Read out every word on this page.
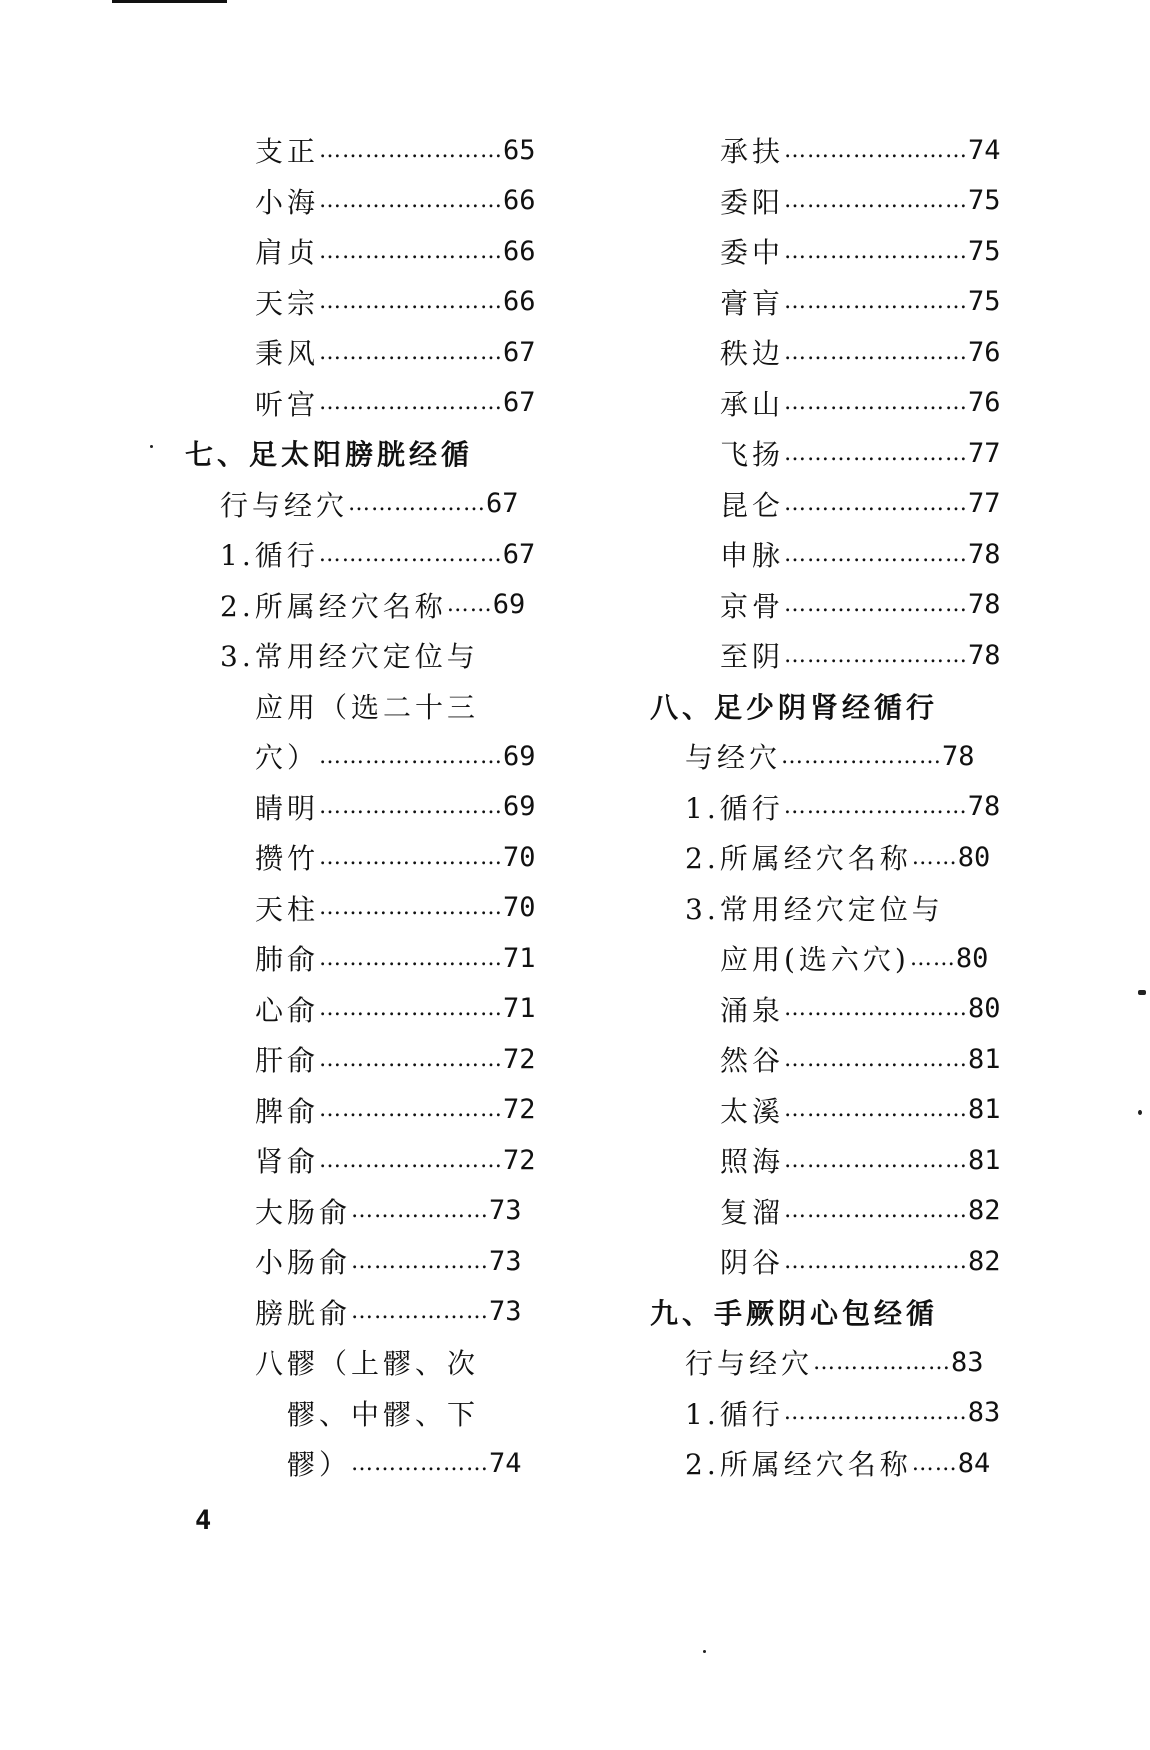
支正 …………………… 65
小海 …………………… 66
肩贞 …………………… 66
天宗 …………………… 66
秉风 …………………… 67
听宫 …………………… 67
七、足太阳膀胱经循
行与经穴 ……………… 67
1.循行 …………………… 67
2.所属经穴名称 …… 69
3.常用经穴定位与
应用（选二十三
穴） …………………… 69
睛明 …………………… 69
攒竹 …………………… 70
天柱 …………………… 70
肺俞 …………………… 71
心俞 …………………… 71
肝俞 …………………… 72
脾俞 …………………… 72
肾俞 …………………… 72
大肠俞 ……………… 73
小肠俞 ……………… 73
膀胱俞 ……………… 73
八髎（上髎、次
髎、中髎、下
髎） ……………… 74
承扶 …………………… 74
委阳 …………………… 75
委中 …………………… 75
膏肓 …………………… 75
秩边 …………………… 76
承山 …………………… 76
飞扬 …………………… 77
昆仑 …………………… 77
申脉 …………………… 78
京骨 …………………… 78
至阴 …………………… 78
八、足少阴肾经循行
与经穴 ………………… 78
1.循行 …………………… 78
2.所属经穴名称 …… 80
3.常用经穴定位与
应用(选六穴) …… 80
涌泉 …………………… 80
然谷 …………………… 81
太溪 …………………… 81
照海 …………………… 81
复溜 …………………… 82
阴谷 …………………… 82
九、手厥阴心包经循
行与经穴 ……………… 83
1.循行 …………………… 83
2.所属经穴名称 …… 84
4
